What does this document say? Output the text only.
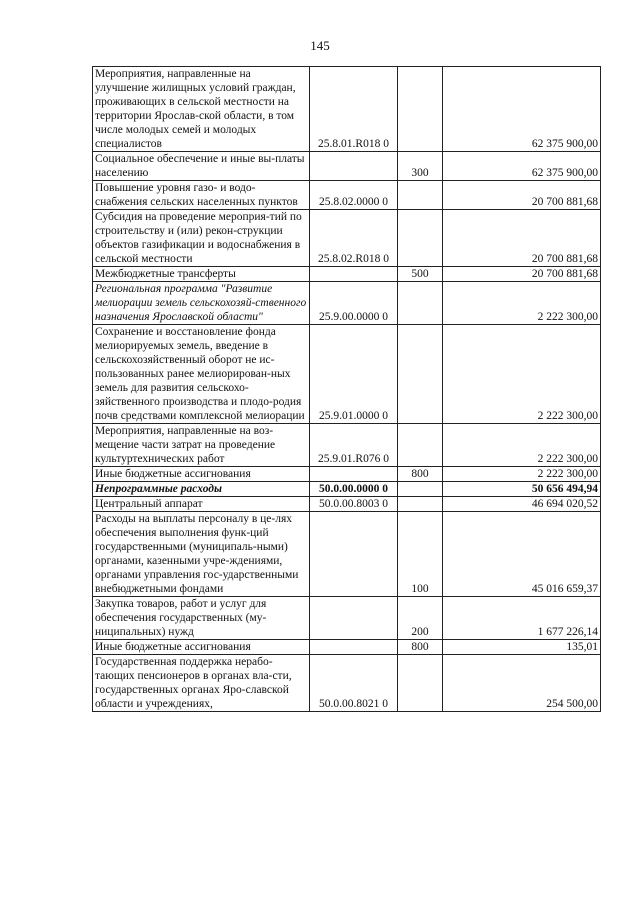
145
Мероприятия, направленные на улучшение жилищных условий граждан, проживающих в сельской местности на территории Ярослав-ской области, в том числе молодых семей и молодых специалистов	25.8.01.R018 0		62 375 900,00
Социальное обеспечение и иные вы-платы населению		300	62 375 900,00
Повышение уровня газо- и водо-снабжения сельских населенных пунктов	25.8.02.0000 0		20 700 881,68
Субсидия на проведение мероприя-тий по строительству и (или) рекон-струкции объектов газификации и водоснабжения в сельской местности	25.8.02.R018 0		20 700 881,68
Межбюджетные трансферты		500	20 700 881,68
Региональная программа "Развитие мелиорации земель сельскохозяй-ственного назначения Ярославской области"	25.9.00.0000 0		2 222 300,00
Сохранение и восстановление фонда мелиорируемых земель, введение в сельскохозяйственный оборот не ис-пользованных ранее мелиорирован-ных земель для развития сельскохо-зяйственного производства и плодо-родия почв средствами комплексной мелиорации	25.9.01.0000 0		2 222 300,00
Мероприятия, направленные на воз-мещение части затрат на проведение культуртехнических работ	25.9.01.R076 0		2 222 300,00
Иные бюджетные ассигнования		800	2 222 300,00
Непрограммные расходы	50.0.00.0000 0		50 656 494,94
Центральный аппарат	50.0.00.8003 0		46 694 020,52
Расходы на выплаты персоналу в це-лях обеспечения выполнения функ-ций государственными (муниципаль-ными) органами, казенными учре-ждениями, органами управления гос-ударственными внебюджетными фондами		100	45 016 659,37
Закупка товаров, работ и услуг для обеспечения государственных (му-ниципальных) нужд		200	1 677 226,14
Иные бюджетные ассигнования		800	135,01
Государственная поддержка нерабо-тающих пенсионеров в органах вла-сти, государственных органах Яро-славской области и учреждениях,	50.0.00.8021 0		254 500,00
